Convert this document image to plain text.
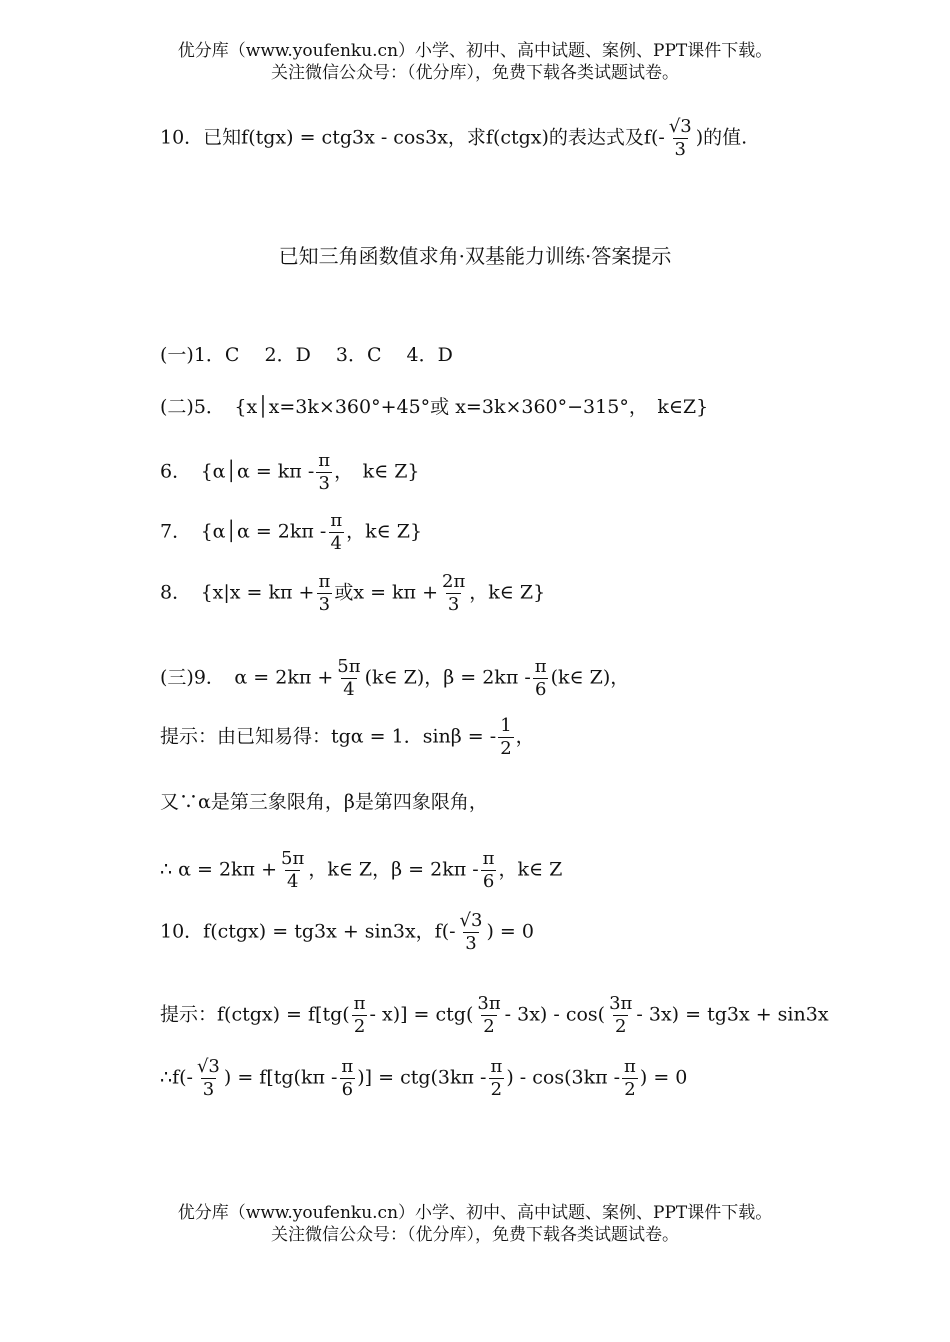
优分库（www.youfenku.cn）小学、初中、高中试题、案例、PPT课件下载。
关注微信公众号：（优分库），免费下载各类试题试卷。
10．已知f(tgx) = ctg3x - cos3x，求f(ctgx)的表达式及$f(- \frac{√3}{3}$ )的值.
已知三角函数值求角·双基能力训练·答案提示
(一)1．C　 2．D　 3．C　 4．D
(二)5．　{x│x=3k×360°+45°或 x=3k×360°−315°，　k∈Z}
6．　{α│α = kπ - $\frac{\pi}{3}$ ，　k∈ Z}
7．　{α│α = $2k\pi - \frac{\pi}{4}$ ，k∈ Z}
8．　{$x|x = k\pi + \frac{\pi}{3}$ 或$x = k\pi + \frac{2\pi}{3}$ ，k∈ Z}
(三)9．　$\alpha = 2k\pi + \frac{5\pi}{4}$ (k∈ Z)，$\beta = 2k\pi - \frac{\pi}{6}$ (k∈ Z)，
提示：由已知易得：tgα = 1．sinβ = - $\frac{1}{2}$ ，
又∵α是第三象限角，β是第四象限角，
∴ $\alpha = 2k\pi + \frac{5\pi}{4}$ ，k∈ Z，$\beta = 2k\pi - \frac{\pi}{6}$ ，k∈ Z
10．f(ctgx) = tg3x + sin3x，$f(- \frac{√3}{3}$ ) = 0
提示：f(ctgx) = $f[tg( \frac{\pi}{2} - x)] = ctg( \frac{3\pi}{2} - 3x) - \cos( \frac{3\pi}{2} - 3x) = tg3x + \sin 3x$
∴f(- $\frac{√3}{3}$ ) = $f[tg(k\pi - \frac{\pi}{6}$ )] = $ctg(3k\pi - \frac{\pi}{2}$ ) - $\cos(3k\pi - \frac{\pi}{2}$ ) = 0
优分库（www.youfenku.cn）小学、初中、高中试题、案例、PPT课件下载。
关注微信公众号：（优分库），免费下载各类试题试卷。
